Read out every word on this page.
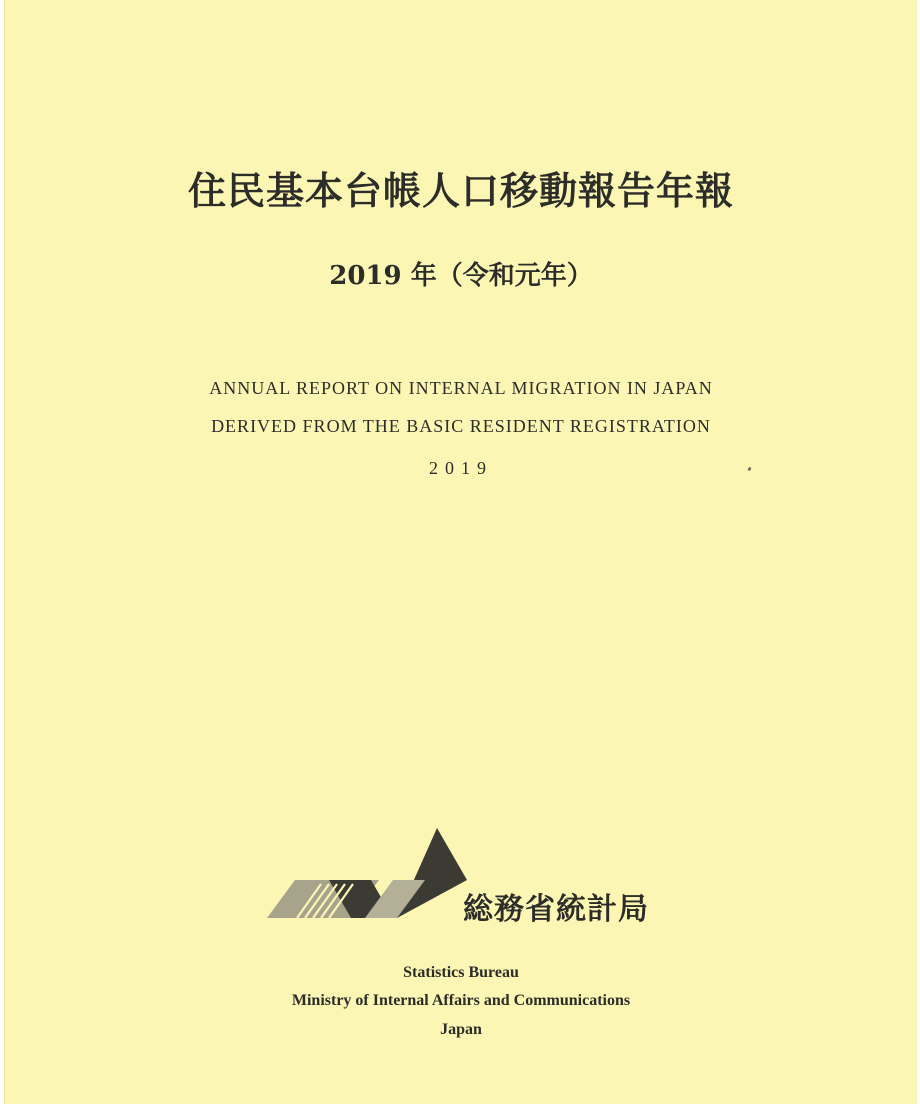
住民基本台帳人口移動報告年報
2019 年（令和元年）
ANNUAL REPORT ON INTERNAL MIGRATION IN JAPAN
DERIVED FROM THE BASIC RESIDENT REGISTRATION
2019
総務省統計局
Statistics Bureau
Ministry of Internal Affairs and Communications
Japan
